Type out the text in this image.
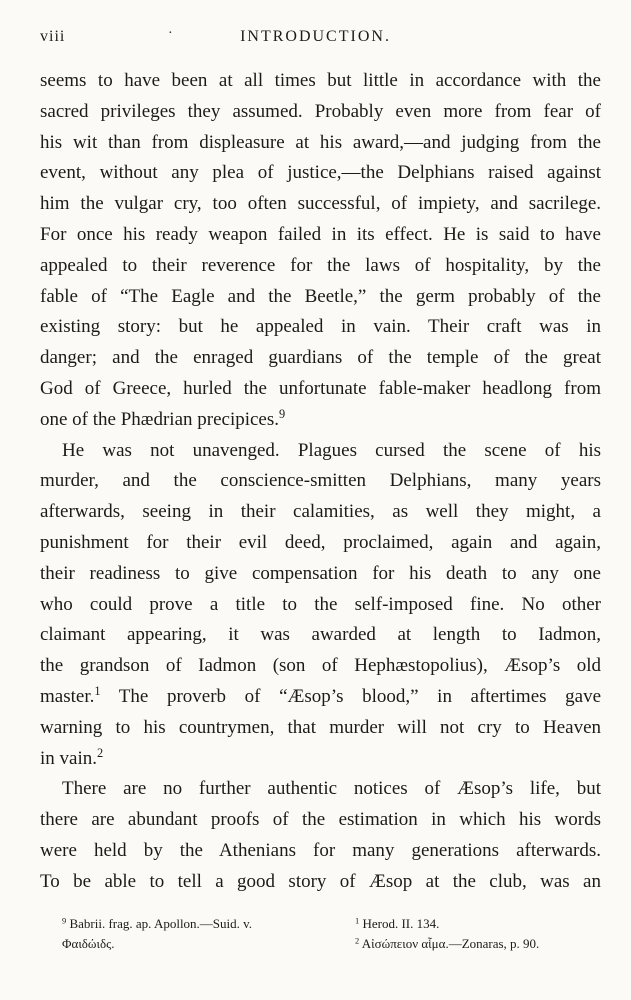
viii	·	INTRODUCTION.
seems to have been at all times but little in accordance with the
sacred privileges they assumed. Probably even more from fear of
his wit than from displeasure at his award,—and judging from the
event, without any plea of justice,—the Delphians raised against
him the vulgar cry, too often successful, of impiety, and sacrilege.
For once his ready weapon failed in its effect. He is said to have
appealed to their reverence for the laws of hospitality, by the
fable of “The Eagle and the Beetle,” the germ probably of the
existing story: but he appealed in vain. Their craft was in
danger; and the enraged guardians of the temple of the great
God of Greece, hurled the unfortunate fable-maker headlong from
one of the Phædrian precipices.$^9$
He was not unavenged. Plagues cursed the scene of his
murder, and the conscience-smitten Delphians, many years
afterwards, seeing in their calamities, as well they might, a
punishment for their evil deed, proclaimed, again and again,
their readiness to give compensation for his death to any one
who could prove a title to the self-imposed fine. No other
claimant appearing, it was awarded at length to Iadmon,
the grandson of Iadmon (son of Hephæstopolius), Æsop’s old
master.$^1$ The proverb of “Æsop’s blood,” in aftertimes gave
warning to his countrymen, that murder will not cry to Heaven
in vain.$^2$
There are no further authentic notices of Æsop’s life, but
there are abundant proofs of the estimation in which his words
were held by the Athenians for many generations afterwards.
To be able to tell a good story of Æsop at the club, was an
$^9$ Babrii. frag. ap. Apollon.—Suid. v.
Φαιδώιδς.
$^1$ Herod. II. 134.
$^2$ Αἰσώπειον αἷμα.—Zonaras, p. 90.
